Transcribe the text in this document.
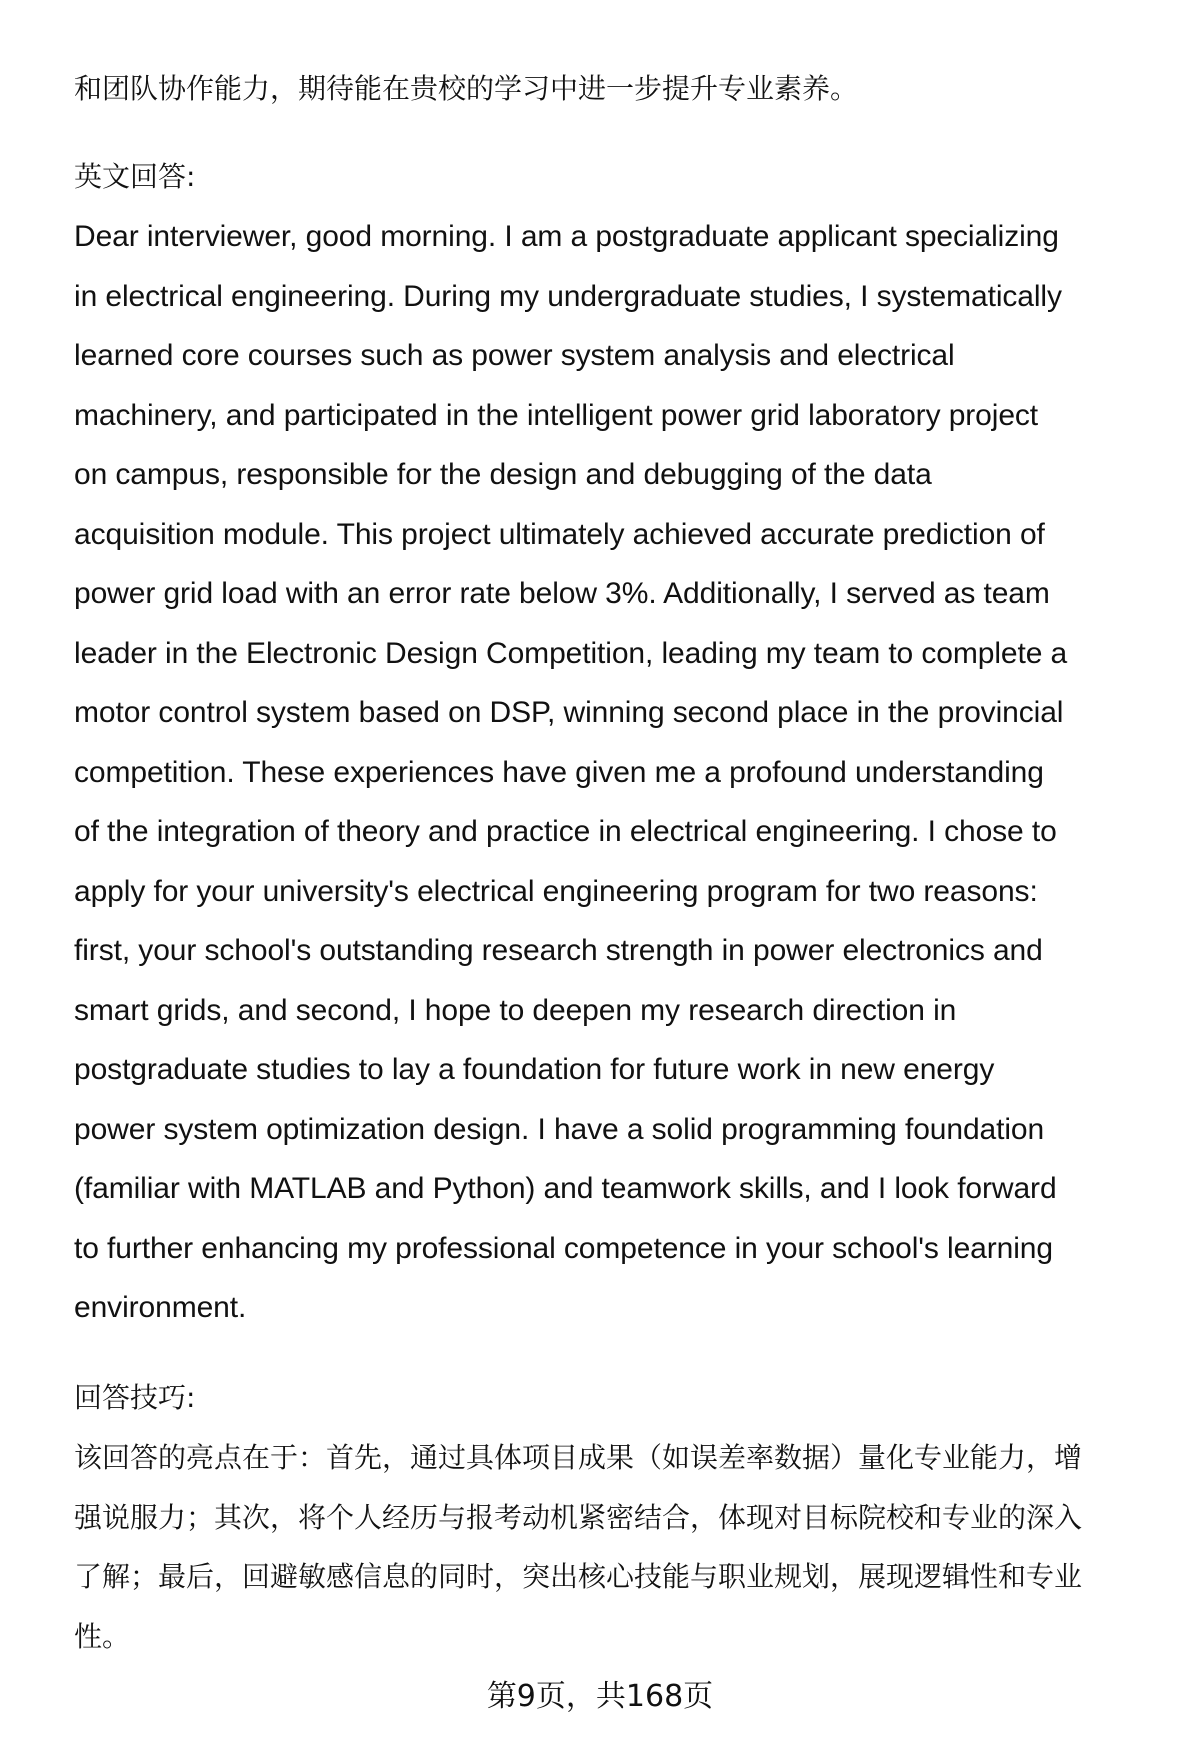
和团队协作能力，期待能在贵校的学习中进一步提升专业素养。
英文回答:
Dear interviewer, good morning. I am a postgraduate applicant specializing
in electrical engineering. During my undergraduate studies, I systematically
learned core courses such as power system analysis and electrical
machinery, and participated in the intelligent power grid laboratory project
on campus, responsible for the design and debugging of the data
acquisition module. This project ultimately achieved accurate prediction of
power grid load with an error rate below 3%. Additionally, I served as team
leader in the Electronic Design Competition, leading my team to complete a
motor control system based on DSP, winning second place in the provincial
competition. These experiences have given me a profound understanding
of the integration of theory and practice in electrical engineering. I chose to
apply for your university's electrical engineering program for two reasons:
first, your school's outstanding research strength in power electronics and
smart grids, and second, I hope to deepen my research direction in
postgraduate studies to lay a foundation for future work in new energy
power system optimization design. I have a solid programming foundation
(familiar with MATLAB and Python) and teamwork skills, and I look forward
to further enhancing my professional competence in your school's learning
environment.
回答技巧:
该回答的亮点在于：首先，通过具体项目成果（如误差率数据）量化专业能力，增
强说服力；其次，将个人经历与报考动机紧密结合，体现对目标院校和专业的深入
了解；最后，回避敏感信息的同时，突出核心技能与职业规划，展现逻辑性和专业
性。
第9页，共168页
